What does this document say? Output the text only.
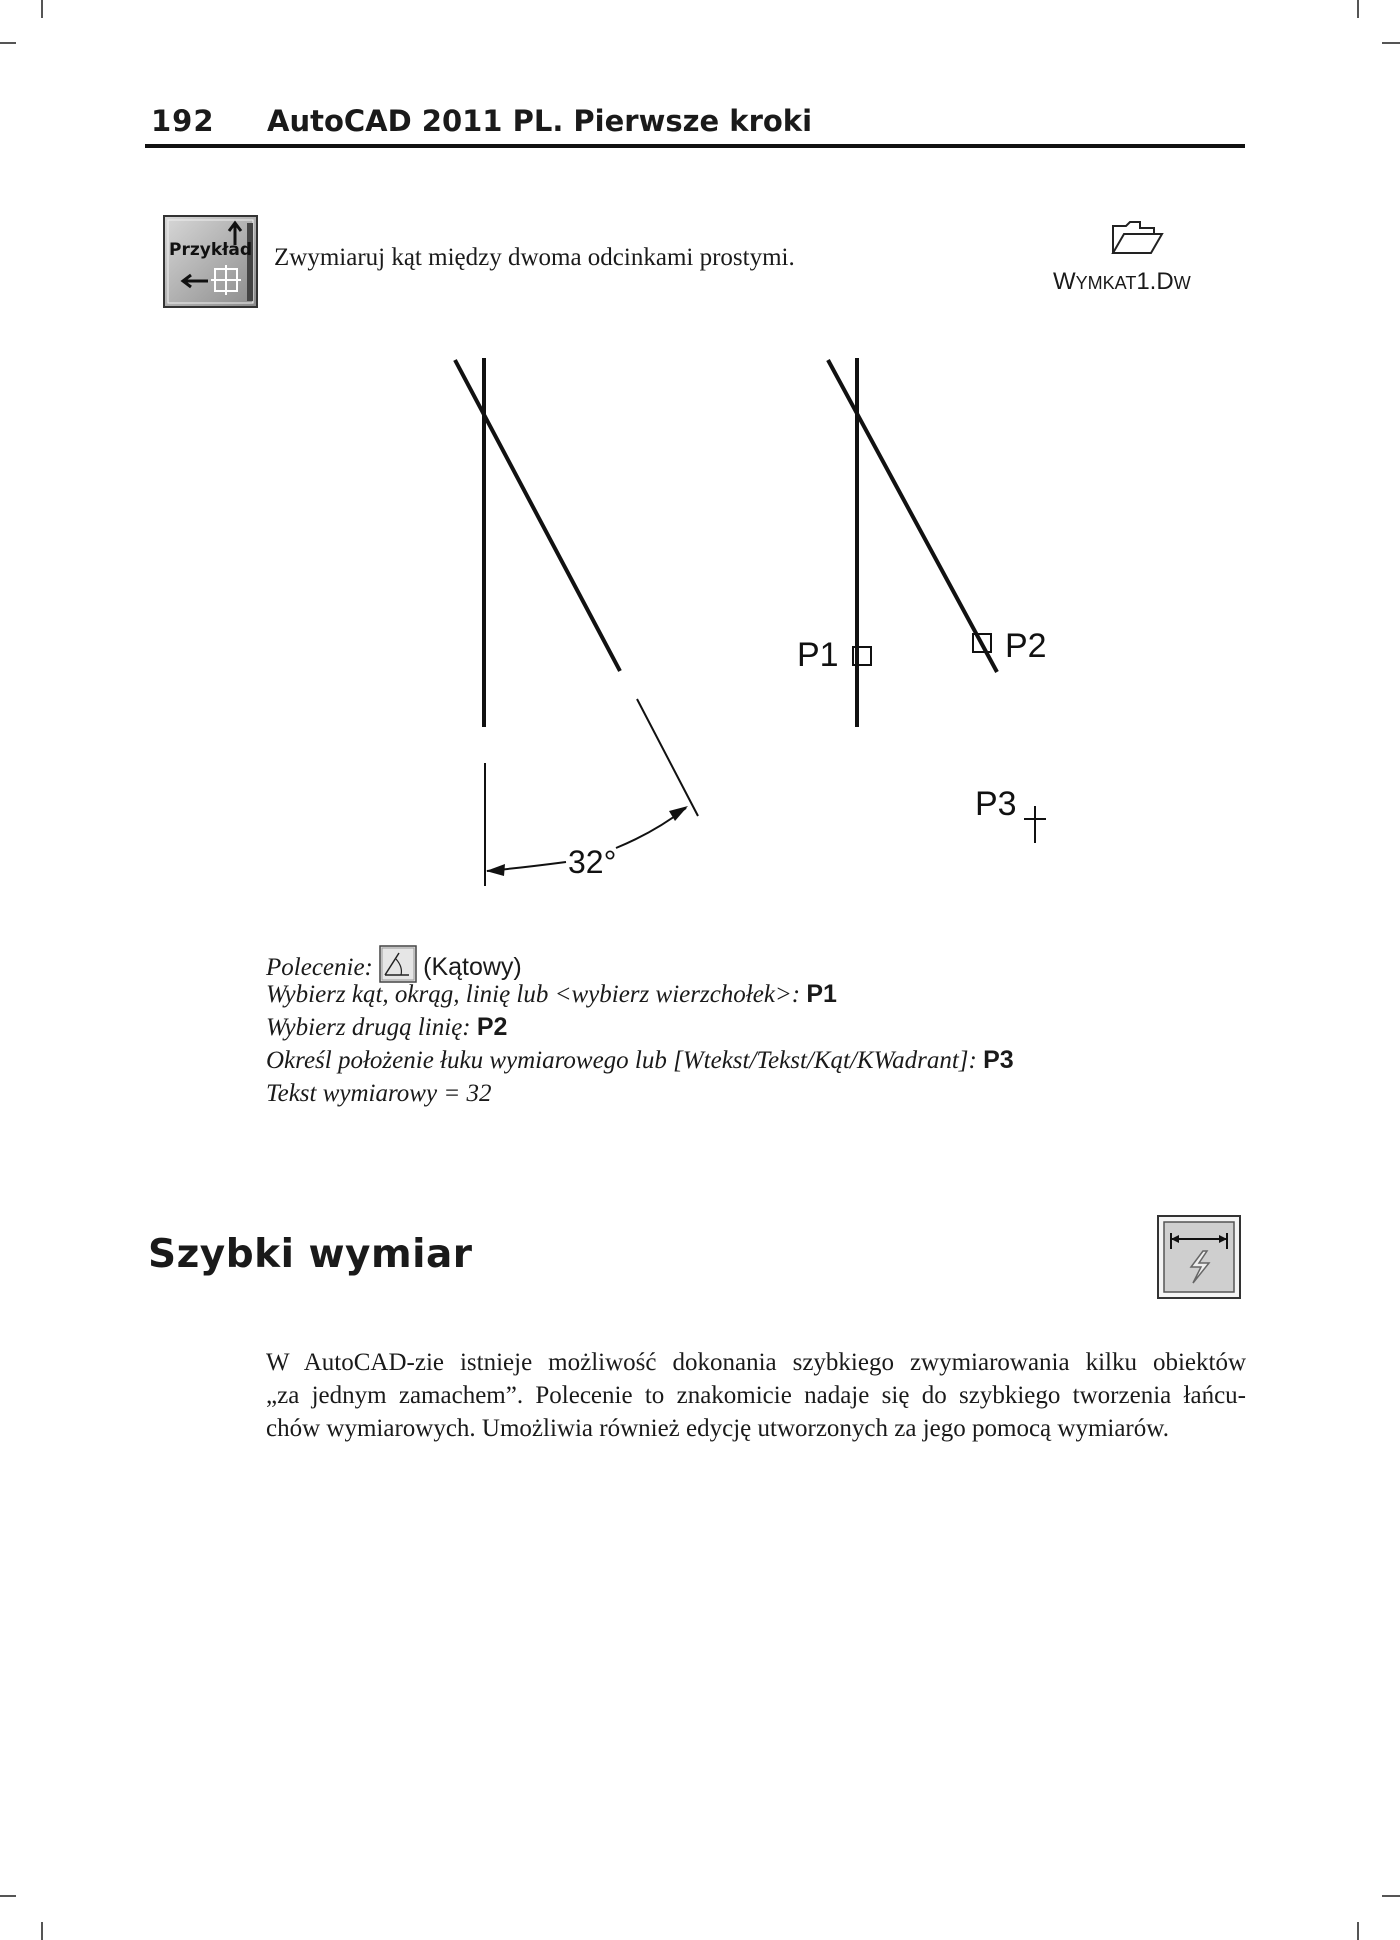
192 AutoCAD 2011 PL. Pierwsze kroki
Przykład Zwymiaruj kąt między dwoma odcinkami prostymi.
WYMKAT1.DW
32°
P1	P2
P3
Polecenie: (Kątowy)
Wybierz kąt, okrąg, linię lub <wybierz wierzchołek>: P1
Wybierz drugą linię: P2
Określ położenie łuku wymiarowego lub [Wtekst/Tekst/Kąt/KWadrant]: P3
Tekst wymiarowy = 32
Szybki wymiar
W AutoCAD-zie istnieje możliwość dokonania szybkiego zwymiarowania kilku obiektów
„za jednym zamachem”. Polecenie to znakomicie nadaje się do szybkiego tworzenia łańcu-
chów wymiarowych. Umożliwia również edycję utworzonych za jego pomocą wymiarów.
